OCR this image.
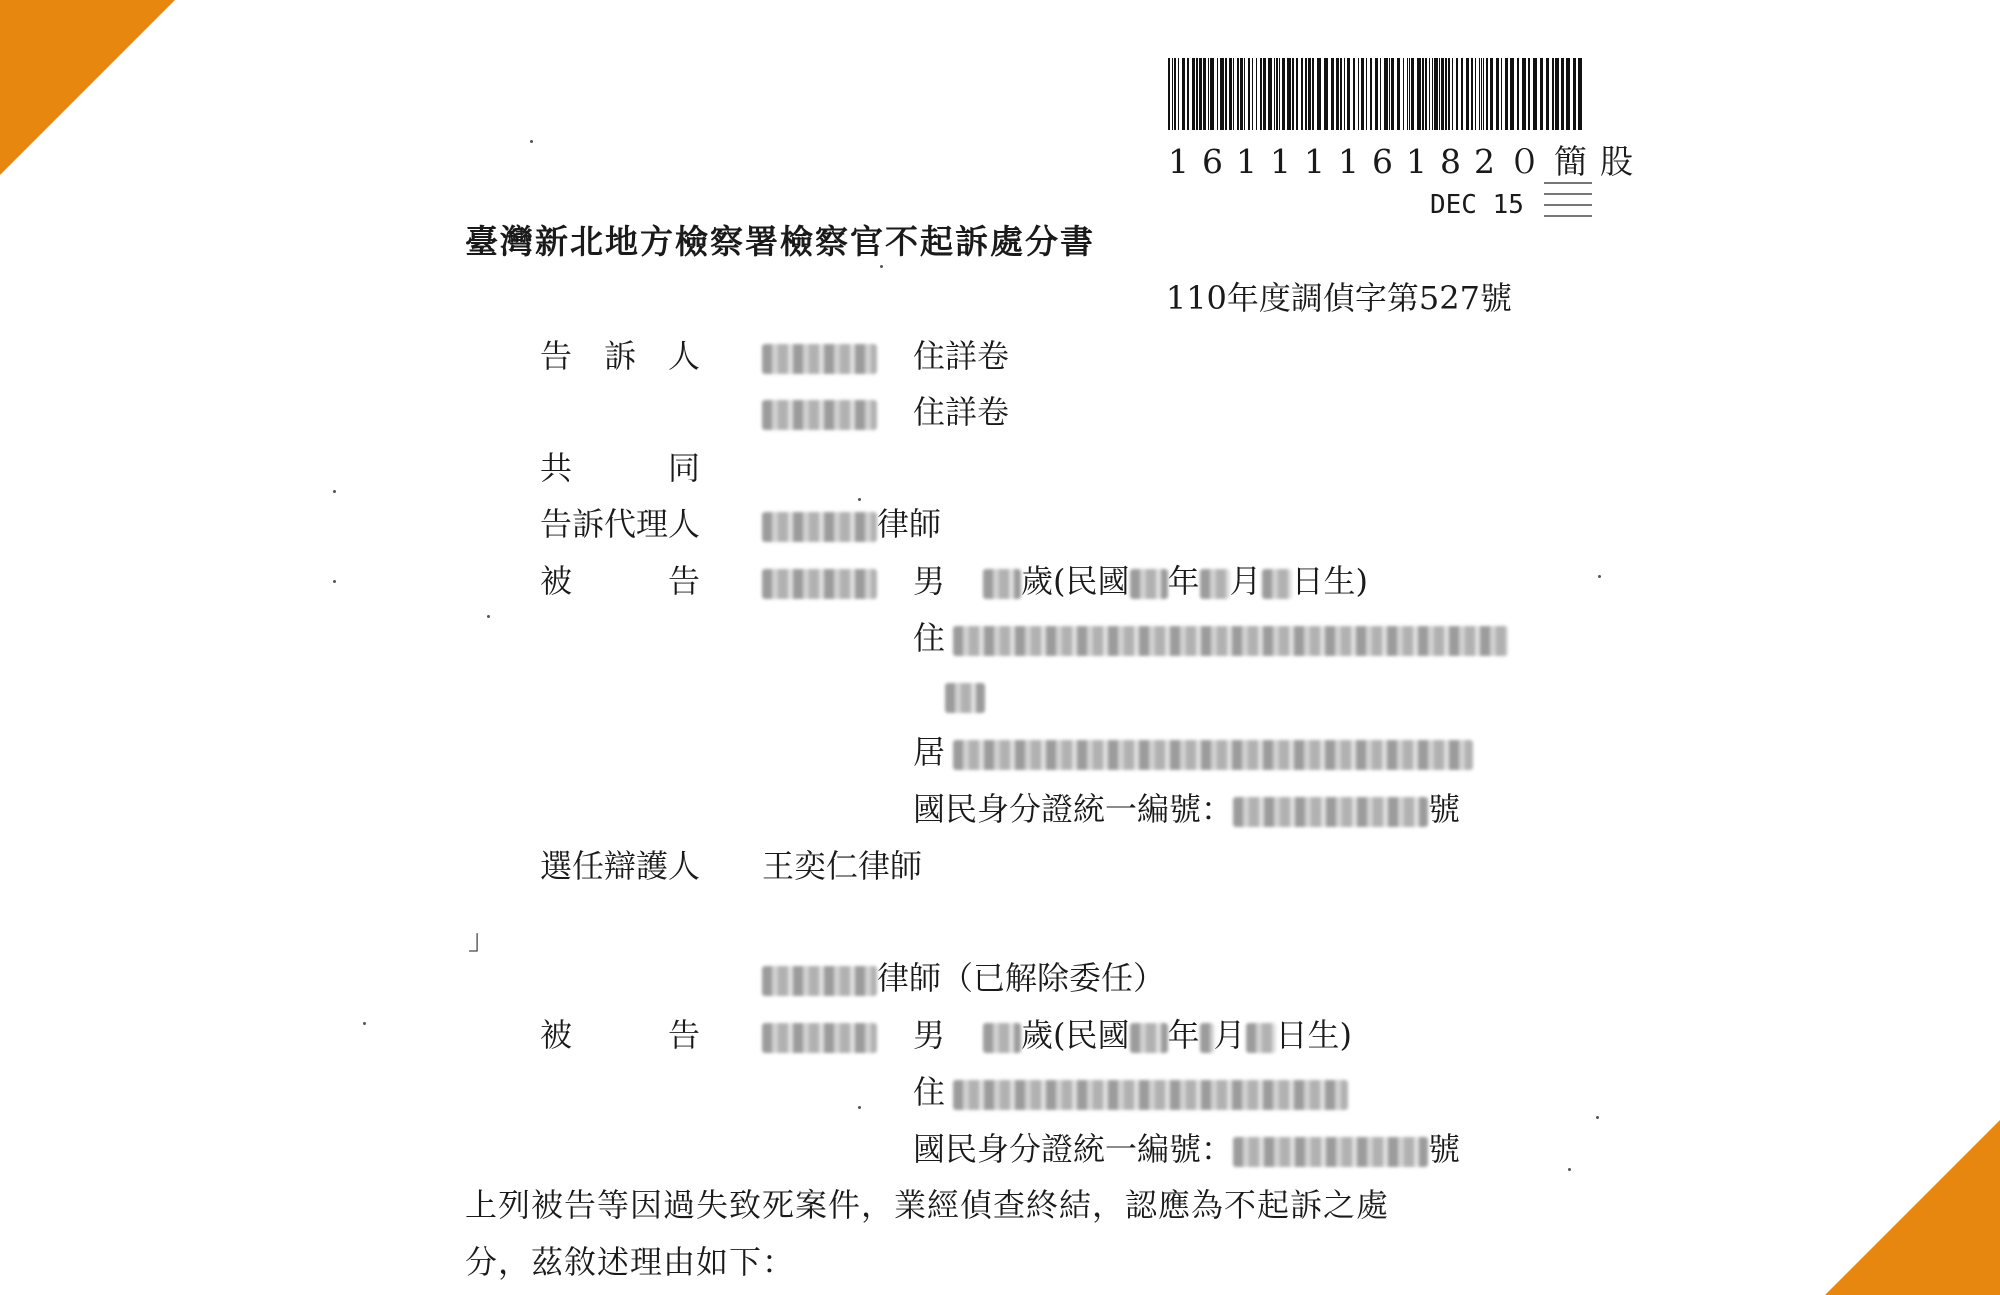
1611116182０簡股
DEC 15
臺灣新北地方檢察署檢察官不起訴處分書
110年度調偵字第527號
告　訴　人	住詳卷
住詳卷
共　　　同
告訴代理人	律師
被　　　告	男 歲(民國 年 月 日生)
住
居
國民身分證統一編號：	號
選任辯護人 王奕仁律師
」
律師（已解除委任）
被　　　告	男 歲(民國 年 月 日生)
住
國民身分證統一編號：	號
上列被告等因過失致死案件，業經偵查終結，認應為不起訴之處
分，茲敘述理由如下：
